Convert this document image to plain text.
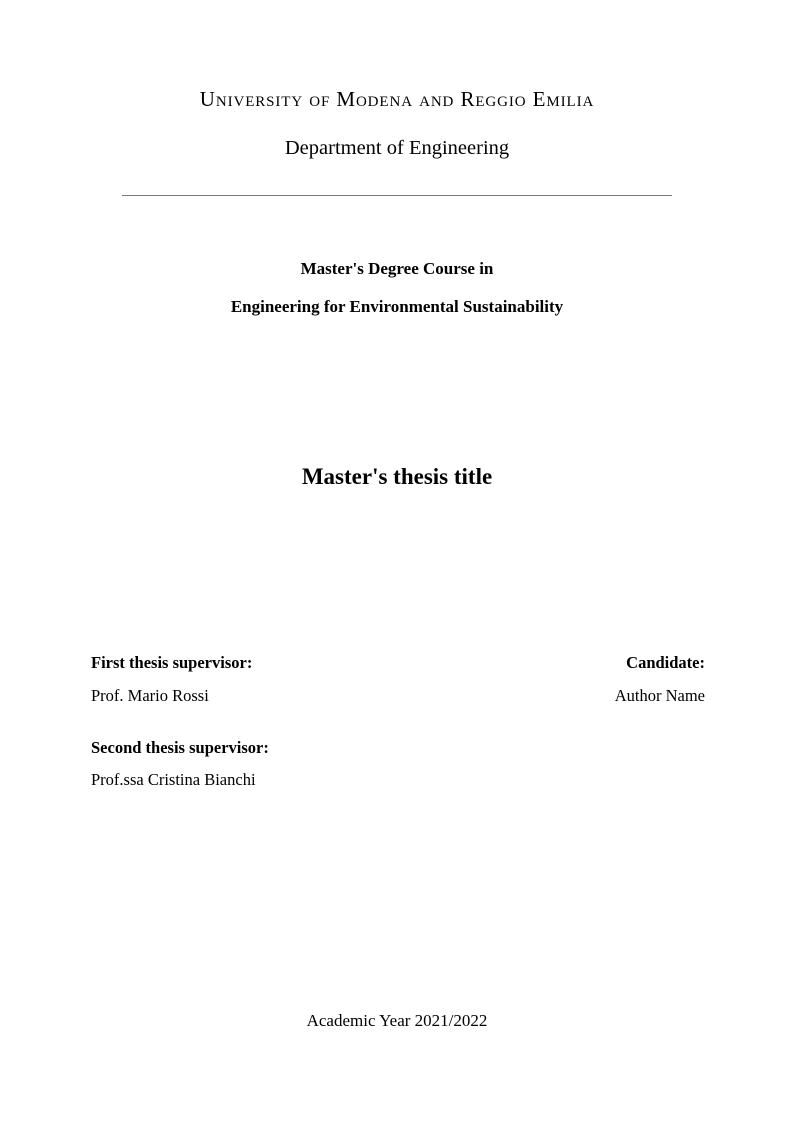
University of Modena and Reggio Emilia
Department of Engineering
Master's Degree Course in
Engineering for Environmental Sustainability
Master's thesis title
First thesis supervisor:
Prof. Mario Rossi
Candidate:
Author Name
Second thesis supervisor:
Prof.ssa Cristina Bianchi
Academic Year 2021/2022
